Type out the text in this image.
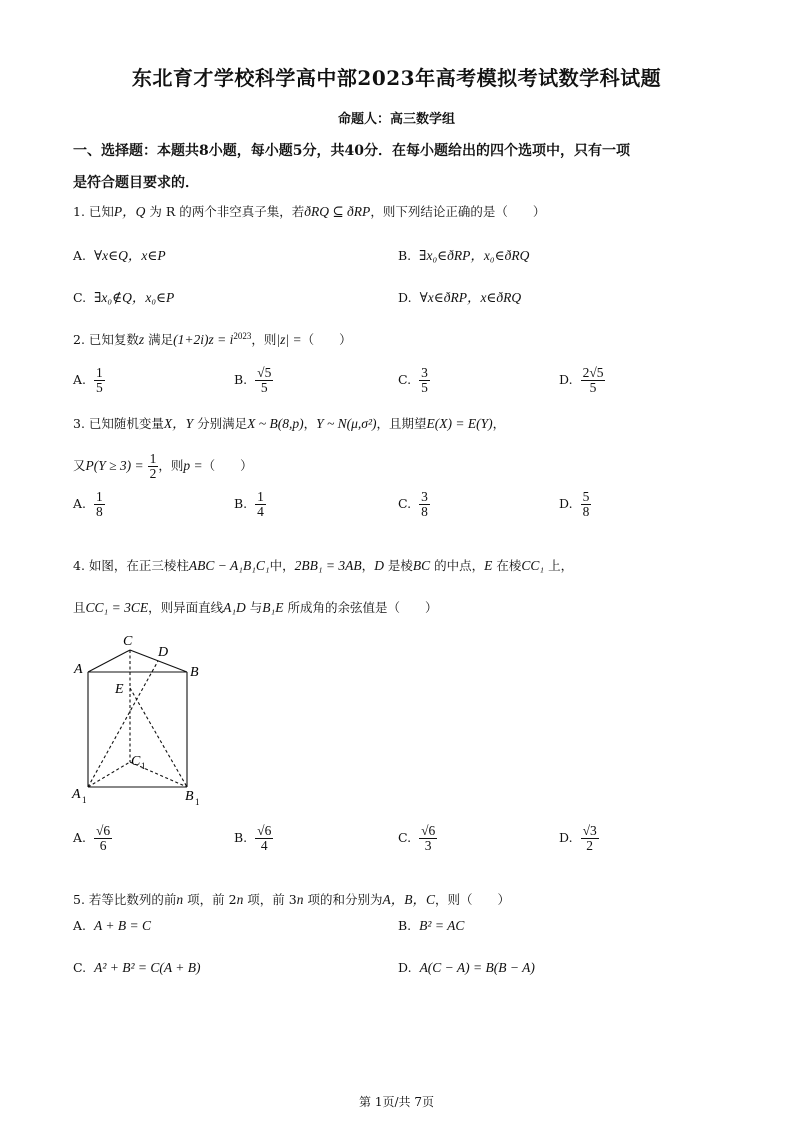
东北育才学校科学高中部2023年高考模拟考试数学科试题
命题人：高三数学组
一、选择题：本题共8小题，每小题5分，共40分．在每小题给出的四个选项中，只有一项
是符合题目要求的．
1. 已知P，Q 为 R 的两个非空真子集，若ðRQ ⊆ ðRP，则下列结论正确的是（　　）
A. ∀x∈Q，x∈P	B. ∃x₀∈ðRP，x₀∈ðRQ
C. ∃x₀∉Q，x₀∈P	D. ∀x∈ðRP，x∈ðRQ
2. 已知复数z 满足$(1+2i)z = i^{2023}$，则|z| =（　　）
A. $\frac{1}{5}$	B. $\frac{√5}{5}$	C. $\frac{3}{5}$	D. $\frac{2√5}{5}$
3. 已知随机变量X，Y 分别满足X ~ B(8,p)，Y ~ N(μ,σ²)，且期望E(X) = E(Y)，
又$P(Y \ge 3) = \frac{1}{2}$ ，则p =（　　）
A. $\frac{1}{8}$	B. $\frac{1}{4}$	C. $\frac{3}{8}$	D. $\frac{5}{8}$
4. 如图，在正三棱柱ABC − A₁B₁C₁中，2BB₁ = 3AB，D 是棱BC 的中点，E 在棱CC₁ 上，
且CC₁ = 3CE，则异面直线A₁D 与B₁E 所成角的余弦值是（　　）
C
D
A	B
E
C 1
A 1	B 1
A. $\frac{√6}{6}$	B. $\frac{√6}{4}$	C. $\frac{√6}{3}$	D. $\frac{√3}{2}$
5. 若等比数列的前n 项，前 2n 项，前 3n 项的和分别为A，B，C，则（　　）
A. A + B = C	B. B² = AC
C. A² + B² = C(A + B)	D. A(C − A) = B(B − A)
第 1页/共 7页
